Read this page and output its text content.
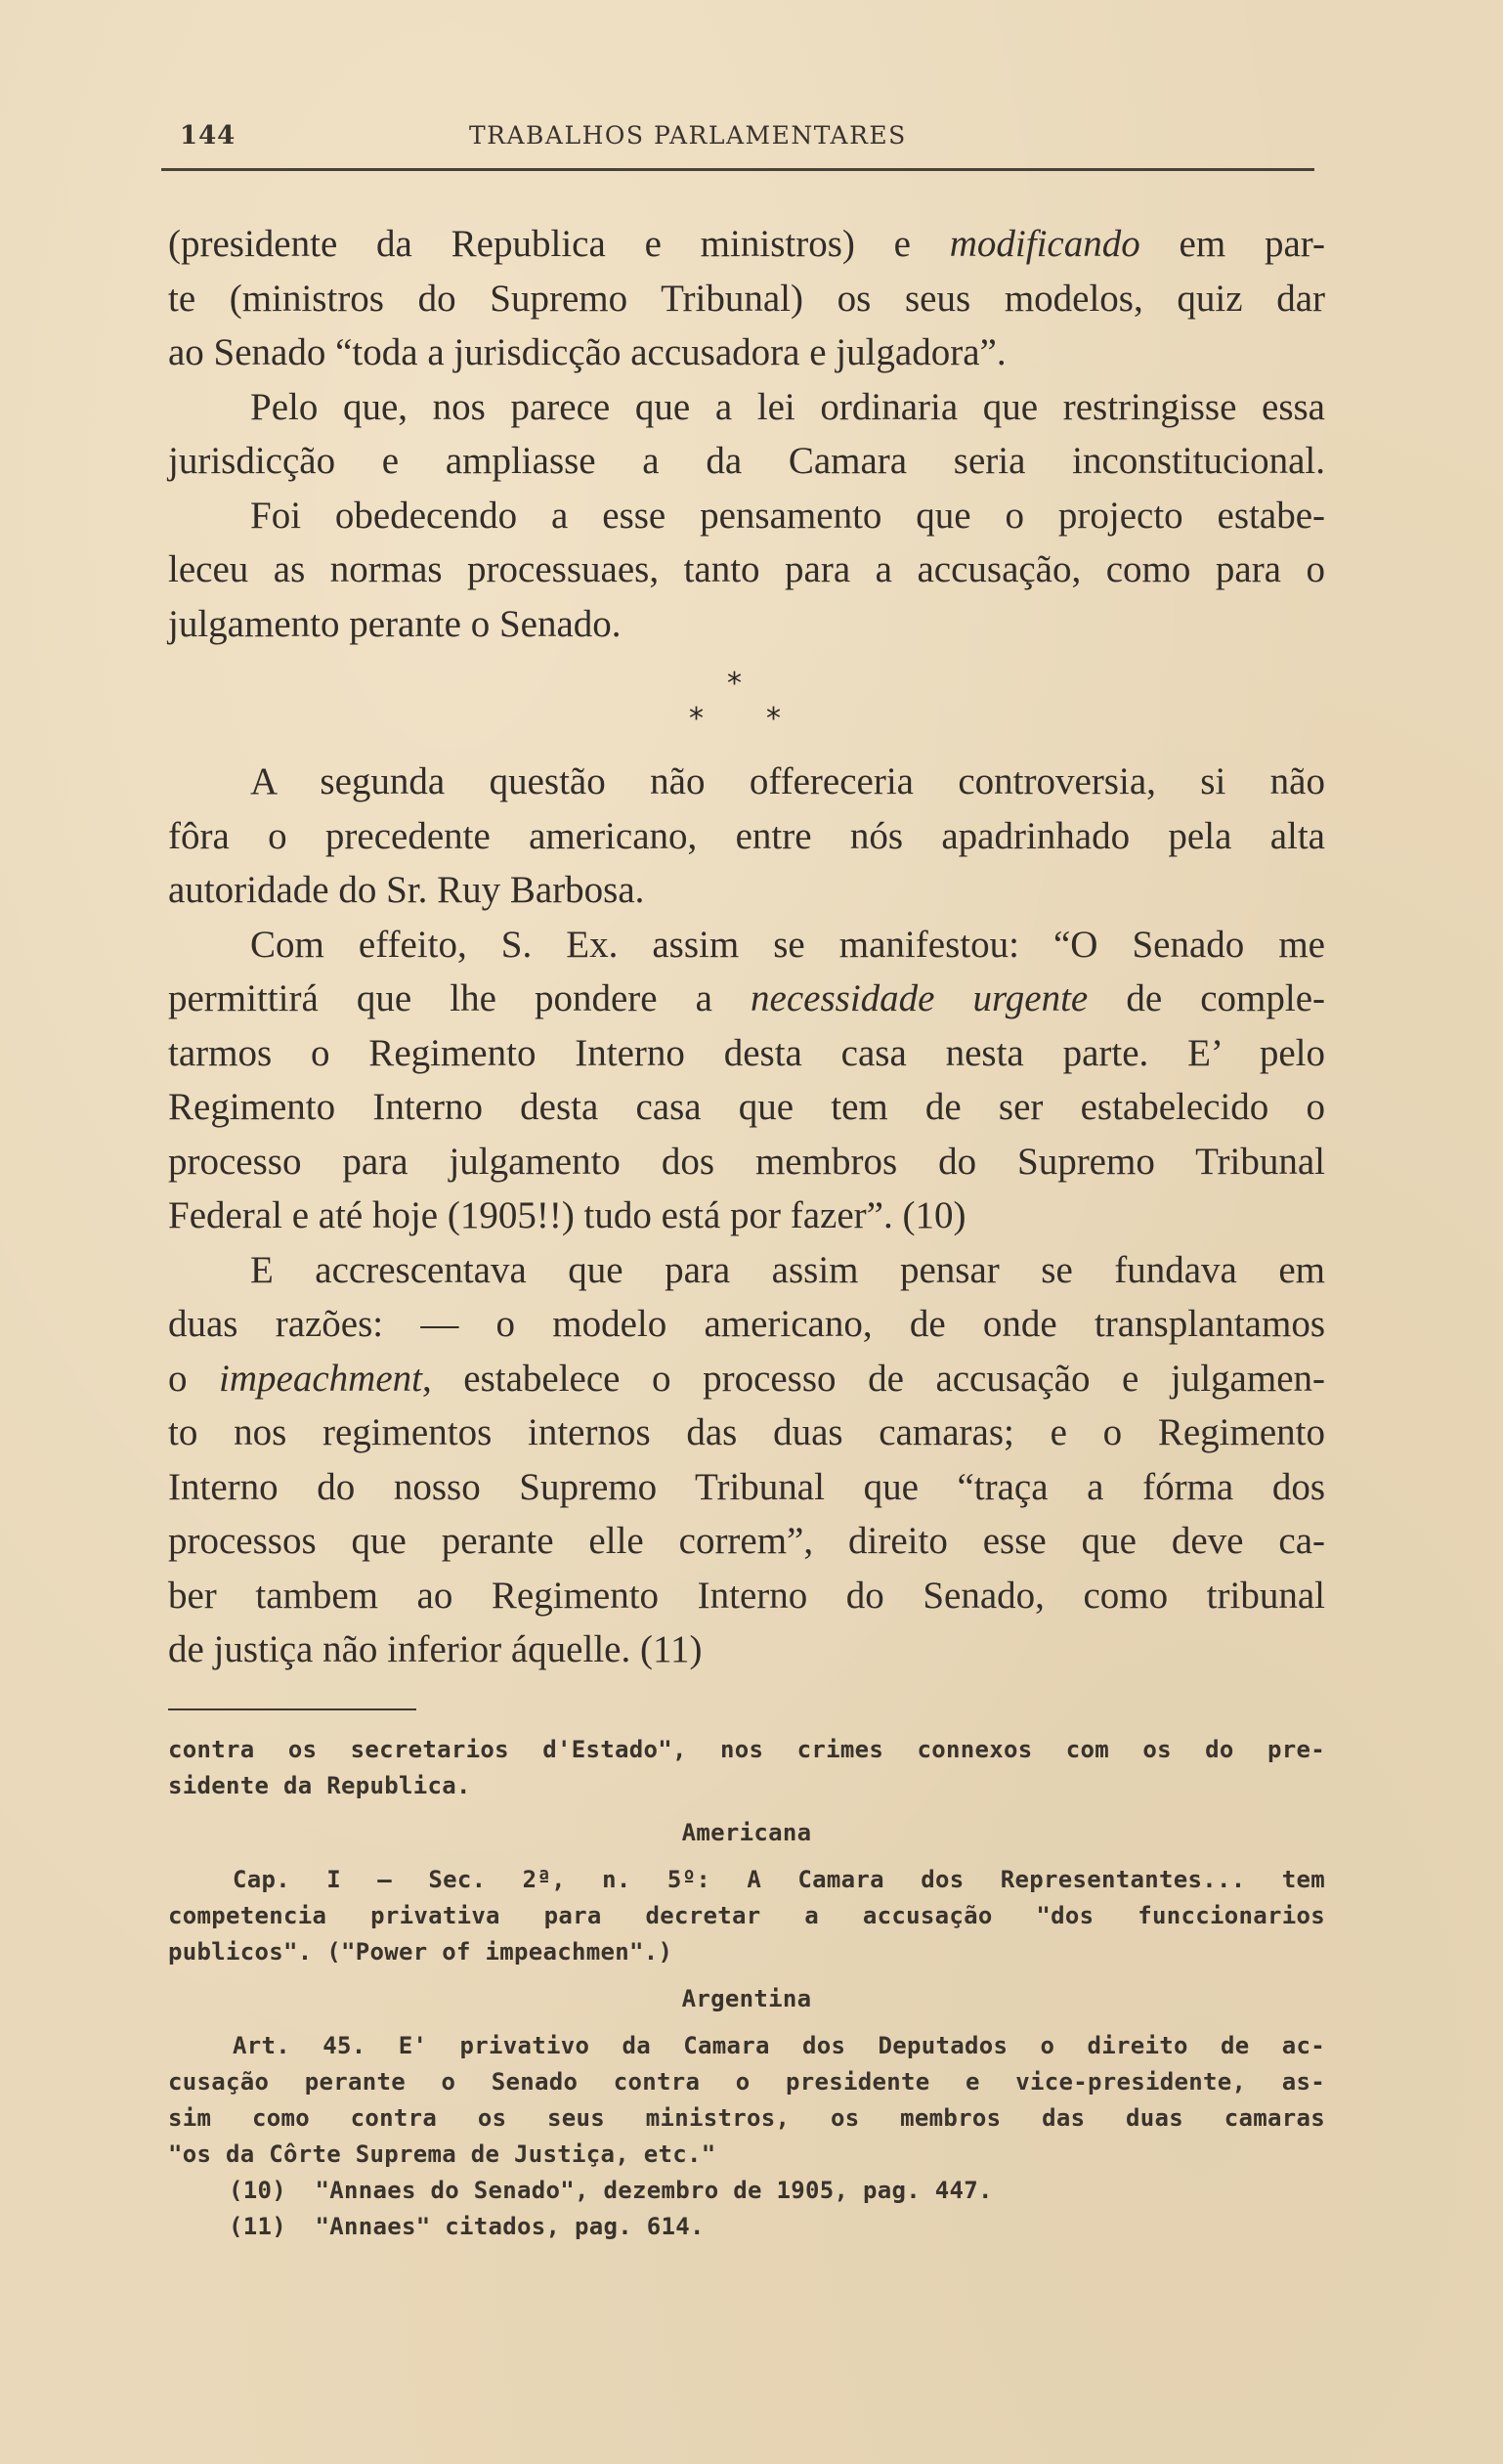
144	TRABALHOS PARLAMENTARES

(presidente da Republica e ministros) e modificando em par-
te (ministros do Supremo Tribunal) os seus modelos, quiz dar
ao Senado “toda a jurisdicção accusadora e julgadora”.

Pelo que, nos parece que a lei ordinaria que restringisse essa
jurisdicção e ampliasse a da Camara seria inconstitucional.

Foi obedecendo a esse pensamento que o projecto estabe-
leceu as normas processuaes, tanto para a accusação, como para o
julgamento perante o Senado.

*
* *

A segunda questão não offereceria controversia, si não
fôra o precedente americano, entre nós apadrinhado pela alta
autoridade do Sr. Ruy Barbosa.

Com effeito, S. Ex. assim se manifestou: “O Senado me
permittirá que lhe pondere a necessidade urgente de comple-
tarmos o Regimento Interno desta casa nesta parte. E’ pelo
Regimento Interno desta casa que tem de ser estabelecido o
processo para julgamento dos membros do Supremo Tribunal
Federal e até hoje (1905!!) tudo está por fazer”. (10)

E accrescentava que para assim pensar se fundava em
duas razões: — o modelo americano, de onde transplantamos
o impeachment, estabelece o processo de accusação e julgamen-
to nos regimentos internos das duas camaras; e o Regimento
Interno do nosso Supremo Tribunal que “traça a fórma dos
processos que perante elle correm”, direito esse que deve ca-
ber tambem ao Regimento Interno do Senado, como tribunal
de justiça não inferior áquelle. (11)

contra os secretarios d'Estado", nos crimes connexos com os do pre-
sidente da Republica.

Americana

Cap. I — Sec. 2ª, n. 5º: A Camara dos Representantes... tem
competencia privativa para decretar a accusação "dos funccionarios
publicos". ("Power of impeachmen".)

Argentina

Art. 45. E' privativo da Camara dos Deputados o direito de ac-
cusação perante o Senado contra o presidente e vice-presidente, as-
sim como contra os seus ministros, os membros das duas camaras
"os da Côrte Suprema de Justiça, etc."

(10)  "Annaes do Senado", dezembro de 1905, pag. 447.

(11)  "Annaes" citados, pag. 614.
